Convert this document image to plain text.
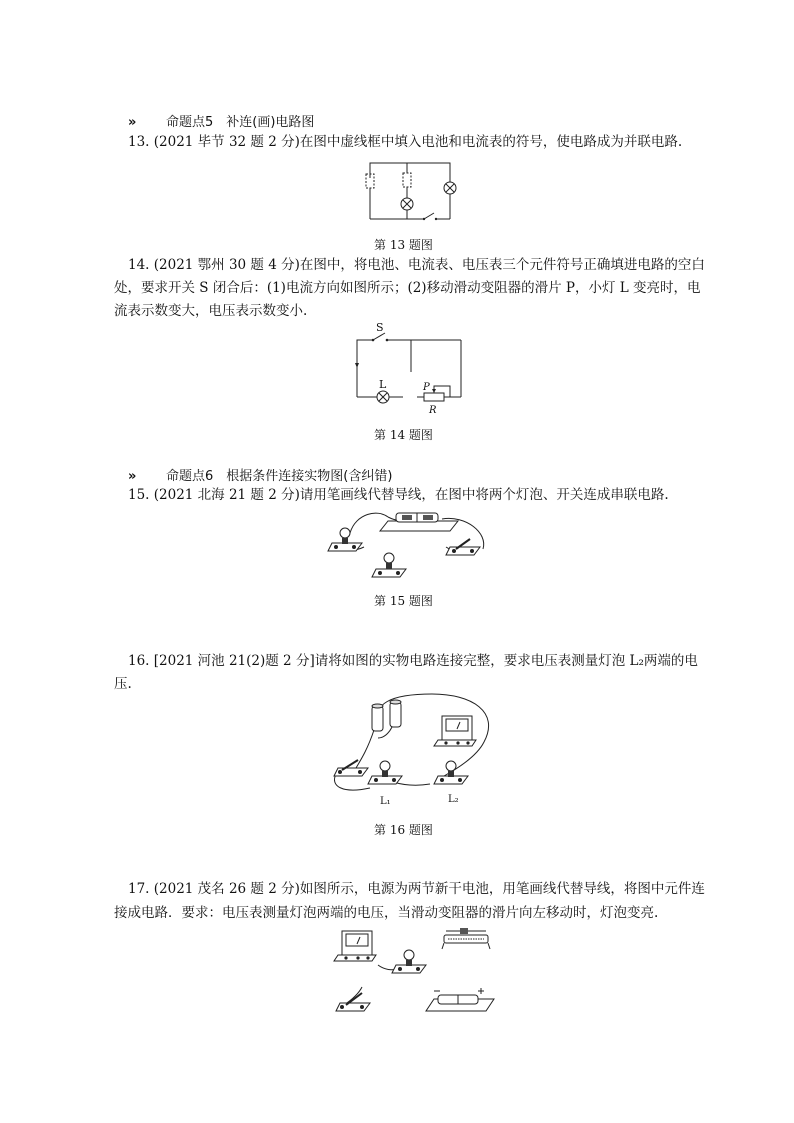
»	命题点5　补连(画)电路图
13. (2021 毕节 32 题 2 分)在图中虚线框中填入电池和电流表的符号，使电路成为并联电路.
第 13 题图
14. (2021 鄂州 30 题 4 分)在图中，将电池、电流表、电压表三个元件符号正确填进电路的空白
处，要求开关 S 闭合后：(1)电流方向如图所示；(2)移动滑动变阻器的滑片 P，小灯 L 变亮时，电
流表示数变大，电压表示数变小.
S
L	P
R
第 14 题图
»	命题点6　根据条件连接实物图(含纠错)
15. (2021 北海 21 题 2 分)请用笔画线代替导线，在图中将两个灯泡、开关连成串联电路.
第 15 题图
16. [2021 河池 21(2)题 2 分]请将如图的实物电路连接完整，要求电压表测量灯泡 L₂两端的电
压.
L₁	L₂
第 16 题图
17. (2021 茂名 26 题 2 分)如图所示，电源为两节新干电池，用笔画线代替导线，将图中元件连
接成电路．要求：电压表测量灯泡两端的电压，当滑动变阻器的滑片向左移动时，灯泡变亮.
